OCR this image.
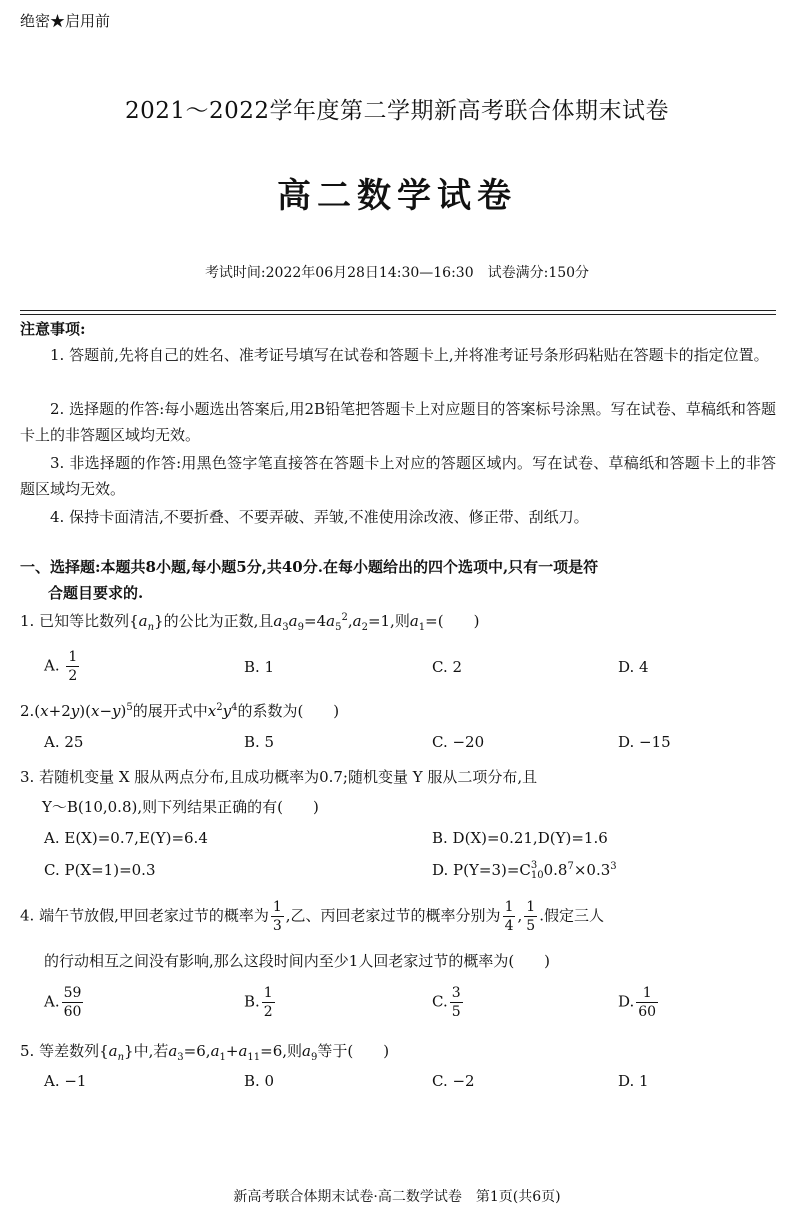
绝密★启用前
2021～2022学年度第二学期新高考联合体期末试卷
高二数学试卷
考试时间:2022年06月28日14:30—16:30　试卷满分:150分
注意事项:
1. 答题前,先将自己的姓名、准考证号填写在试卷和答题卡上,并将准考证号条形码粘贴在答题卡的指定位置。
2. 选择题的作答:每小题选出答案后,用2B铅笔把答题卡上对应题目的答案标号涂黑。写在试卷、草稿纸和答题卡上的非答题区域均无效。
3. 非选择题的作答:用黑色签字笔直接答在答题卡上对应的答题区域内。写在试卷、草稿纸和答题卡上的非答题区域均无效。
4. 保持卡面清洁,不要折叠、不要弄破、弄皱,不准使用涂改液、修正带、刮纸刀。
一、选择题:本题共8小题,每小题5分,共40分.在每小题给出的四个选项中,只有一项是符
合题目要求的.
1. 已知等比数列$\{a_n\}$的公比为正数,且$a_3a_9=4a_5^2,a_2=1$,则$a_1=$(　　)
A. $\frac{1}{2}$	B. 1	C. 2	D. 4
$2.(x+2y)(x-y)^5$的展开式中$x^2y^4$的系数为(　　)
A. 25	B. 5	C. −20	D. −15
3. 若随机变量 X 服从两点分布,且成功概率为0.7;随机变量 Y 服从二项分布,且
Y～B(10,0.8),则下列结果正确的有(　　)
A. E(X)=0.7,E(Y)=6.4	B. D(X)=0.21,D(Y)=1.6
C. P(X=1)=0.3	D. P(Y=3)=C 3
10 $0.8^7\times 0.3^3$
4. 端午节放假,甲回老家过节的概率为 $\frac{1}{3}$ ,乙、丙回老家过节的概率分别为 $\frac{1}{4}$ , $\frac{1}{5}$ .假定三人
的行动相互之间没有影响,那么这段时间内至少1人回老家过节的概率为(　　)
A. $\frac{59}{60}$	B. $\frac{1}{2}$	C. $\frac{3}{5}$	D. $\frac{1}{60}$
5. 等差数列$\{a_n\}$中,若$a_3=6,a_1+a_{11}=6$,则$a_9$等于(　　)
A. −1	B. 0	C. −2	D. 1
新高考联合体期末试卷·高二数学试卷　第1页(共6页)
